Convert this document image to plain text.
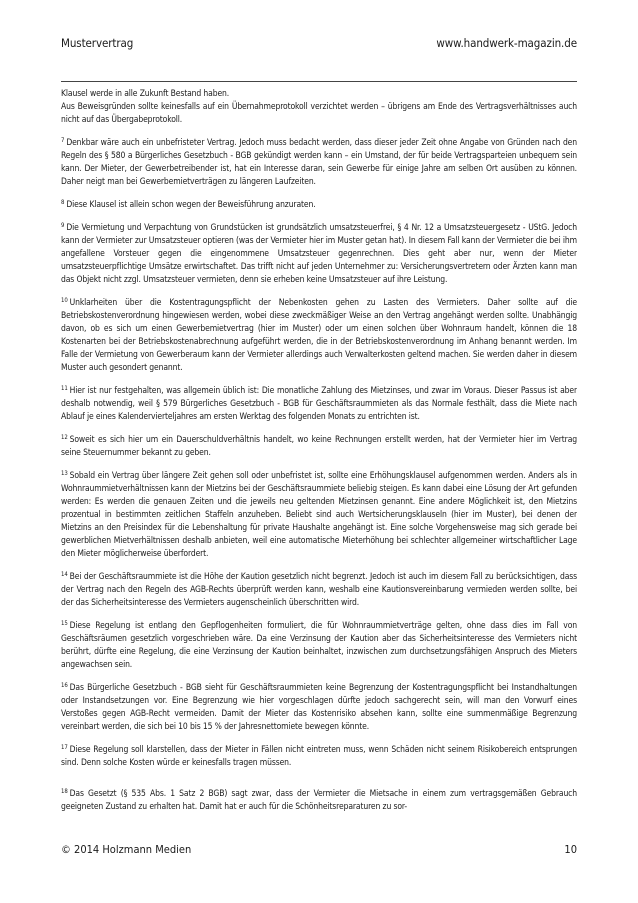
Mustervertrag	www.handwerk-magazin.de

Klausel werde in alle Zukunft Bestand haben.
Aus Beweisgründen sollte keinesfalls auf ein Übernahmeprotokoll verzichtet werden – übrigens am Ende des Vertragsverhältnisses auch nicht auf das Übergabeprotokoll.

$^7$ Denkbar wäre auch ein unbefristeter Vertrag. Jedoch muss bedacht werden, dass dieser jeder Zeit ohne Angabe von Gründen nach den Regeln des § 580 a Bürgerliches Gesetzbuch - BGB gekündigt werden kann – ein Umstand, der für beide Vertragsparteien unbequem sein kann. Der Mieter, der Gewerbetreibender ist, hat ein Interesse daran, sein Gewerbe für einige Jahre am selben Ort ausüben zu können. Daher neigt man bei Gewerbemietverträgen zu längeren Laufzeiten.

$^8$ Diese Klausel ist allein schon wegen der Beweisführung anzuraten.

$^9$ Die Vermietung und Verpachtung von Grundstücken ist grundsätzlich umsatzsteuerfrei, § 4 Nr. 12 a Umsatzsteuergesetz - UStG. Jedoch kann der Vermieter zur Umsatzsteuer optieren (was der Vermieter hier im Muster getan hat). In diesem Fall kann der Vermieter die bei ihm angefallene Vorsteuer gegen die eingenommene Umsatzsteuer gegenrechnen. Dies geht aber nur, wenn der Mieter umsatzsteuerpflichtige Umsätze erwirtschaftet. Das trifft nicht auf jeden Unternehmer zu: Versicherungsvertretern oder Ärzten kann man das Objekt nicht zzgl. Umsatzsteuer vermieten, denn sie erheben keine Umsatzsteuer auf ihre Leistung.

$^{10}$ Unklarheiten über die Kostentragungspflicht der Nebenkosten gehen zu Lasten des Vermieters. Daher sollte auf die Betriebskostenverordnung hingewiesen werden, wobei diese zweckmäßiger Weise an den Vertrag angehängt werden sollte. Unabhängig davon, ob es sich um einen Gewerbemietvertrag (hier im Muster) oder um einen solchen über Wohnraum handelt, können die 18 Kostenarten bei der Betriebskostenabrechnung aufgeführt werden, die in der Betriebskostenverordnung im Anhang benannt werden. Im Falle der Vermietung von Gewerberaum kann der Vermieter allerdings auch Verwalterkosten geltend machen. Sie werden daher in diesem Muster auch gesondert genannt.

$^{11}$ Hier ist nur festgehalten, was allgemein üblich ist: Die monatliche Zahlung des Mietzinses, und zwar im Voraus. Dieser Passus ist aber deshalb notwendig, weil § 579 Bürgerliches Gesetzbuch - BGB für Geschäftsraummieten als das Normale festhält, dass die Miete nach Ablauf je eines Kalendervierteljahres am ersten Werktag des folgenden Monats zu entrichten ist.

$^{12}$ Soweit es sich hier um ein Dauerschuldverhältnis handelt, wo keine Rechnungen erstellt werden, hat der Vermieter hier im Vertrag seine Steuernummer bekannt zu geben.

$^{13}$ Sobald ein Vertrag über längere Zeit gehen soll oder unbefristet ist, sollte eine Erhöhungsklausel aufgenommen werden. Anders als in Wohnraummietverhältnissen kann der Mietzins bei der Geschäftsraummiete beliebig steigen. Es kann dabei eine Lösung der Art gefunden werden: Es werden die genauen Zeiten und die jeweils neu geltenden Mietzinsen genannt. Eine andere Möglichkeit ist, den Mietzins prozentual in bestimmten zeitlichen Staffeln anzuheben. Beliebt sind auch Wertsicherungsklauseln (hier im Muster), bei denen der Mietzins an den Preisindex für die Lebenshaltung für private Haushalte angehängt ist. Eine solche Vorgehensweise mag sich gerade bei gewerblichen Mietverhältnissen deshalb anbieten, weil eine automatische Mieterhöhung bei schlechter allgemeiner wirtschaftlicher Lage den Mieter möglicherweise überfordert.

$^{14}$ Bei der Geschäftsraummiete ist die Höhe der Kaution gesetzlich nicht begrenzt. Jedoch ist auch im diesem Fall zu berücksichtigen, dass der Vertrag nach den Regeln des AGB-Rechts überprüft werden kann, weshalb eine Kautionsvereinbarung vermieden werden sollte, bei der das Sicherheitsinteresse des Vermieters augenscheinlich überschritten wird.

$^{15}$ Diese Regelung ist entlang den Gepflogenheiten formuliert, die für Wohnraummietverträge gelten, ohne dass dies im Fall von Geschäftsräumen gesetzlich vorgeschrieben wäre. Da eine Verzinsung der Kaution aber das Sicherheitsinteresse des Vermieters nicht berührt, dürfte eine Regelung, die eine Verzinsung der Kaution beinhaltet, inzwischen zum durchsetzungsfähigen Anspruch des Mieters angewachsen sein.

$^{16}$ Das Bürgerliche Gesetzbuch - BGB sieht für Geschäftsraummieten keine Begrenzung der Kostentragungspflicht bei Instandhaltungen oder Instandsetzungen vor. Eine Begrenzung wie hier vorgeschlagen dürfte jedoch sachgerecht sein, will man den Vorwurf eines Verstoßes gegen AGB-Recht vermeiden. Damit der Mieter das Kostenrisiko absehen kann, sollte eine summenmäßige Begrenzung vereinbart werden, die sich bei 10 bis 15 % der Jahresnettomiete bewegen könnte.

$^{17}$ Diese Regelung soll klarstellen, dass der Mieter in Fällen nicht eintreten muss, wenn Schäden nicht seinem Risikobereich entsprungen sind. Denn solche Kosten würde er keinesfalls tragen müssen.

$^{18}$ Das Gesetzt (§ 535 Abs. 1 Satz 2 BGB) sagt zwar, dass der Vermieter die Mietsache in einem zum vertragsgemäßen Gebrauch geeigneten Zustand zu erhalten hat. Damit hat er auch für die Schönheitsreparaturen zu sor-

© 2014 Holzmann Medien	10
